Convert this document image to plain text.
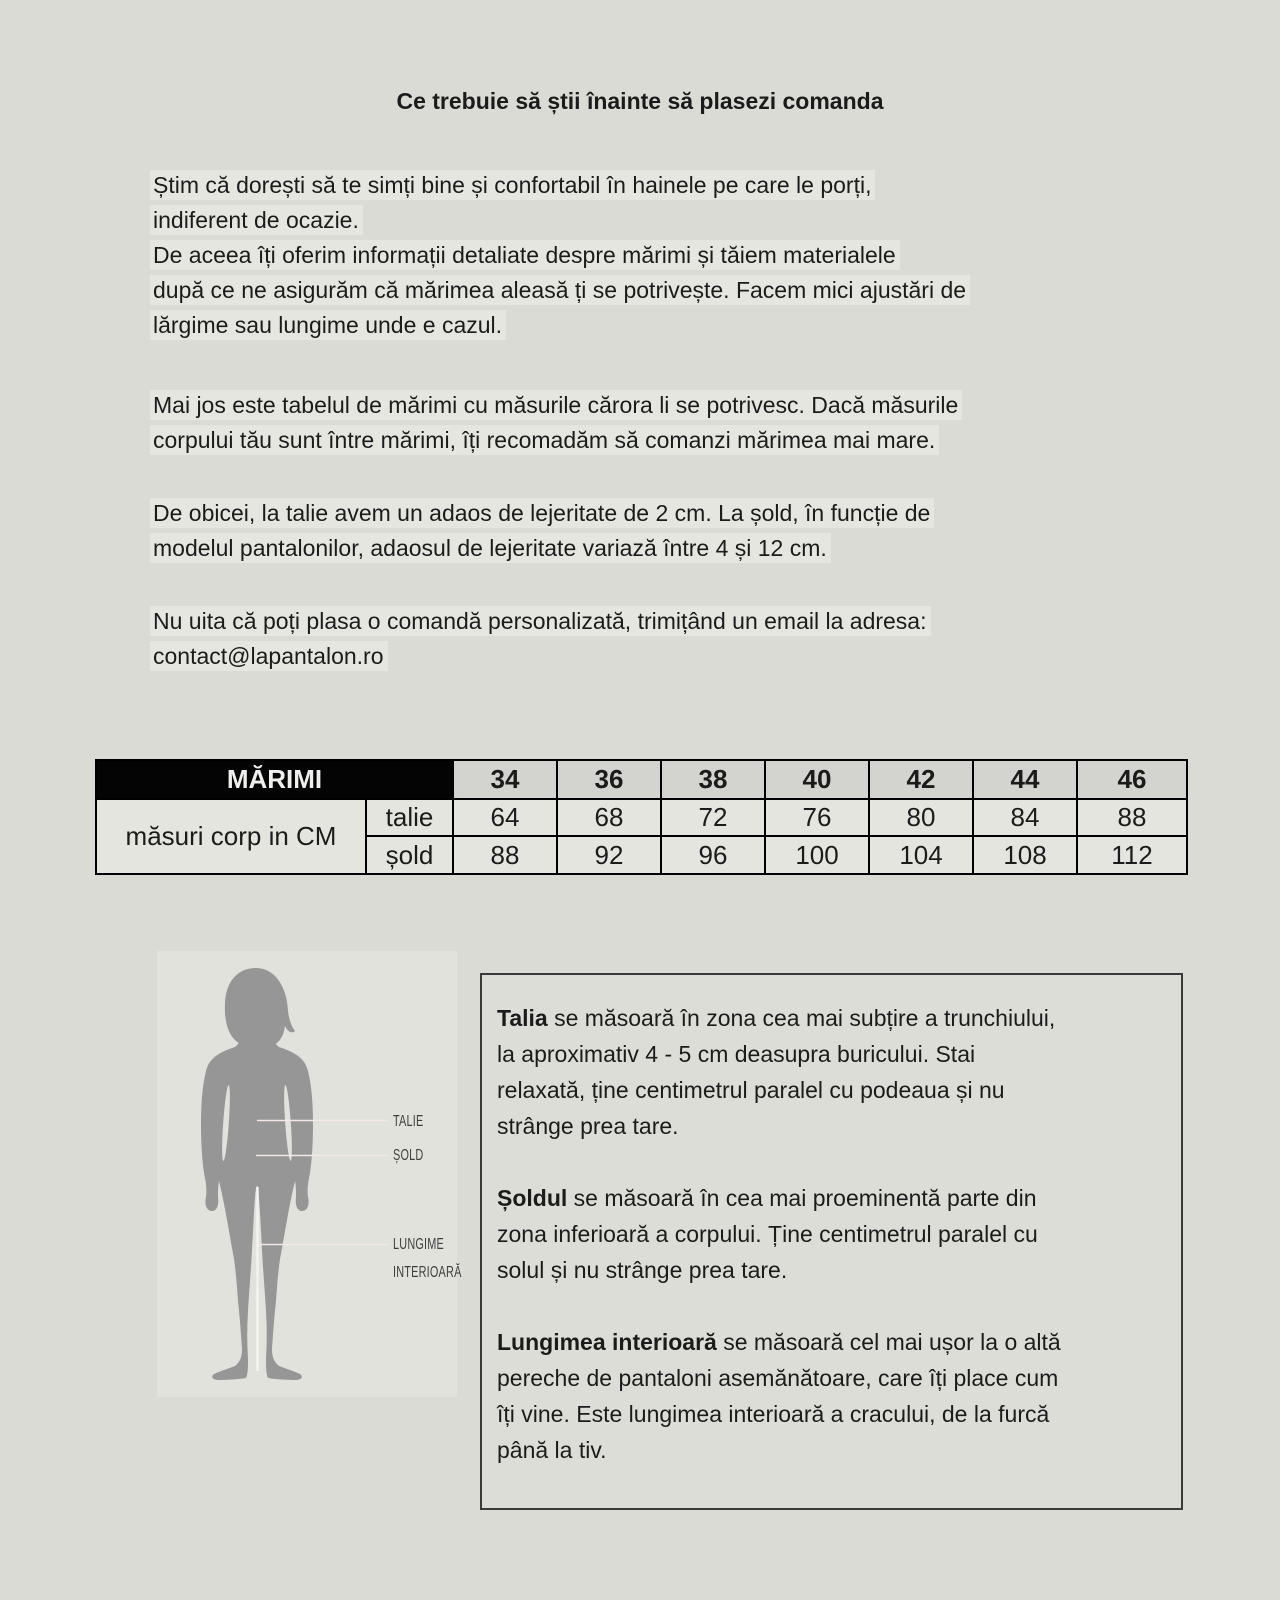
Ce trebuie să știi înainte să plasezi comanda
Știm că dorești să te simți bine și confortabil în hainele pe care le porți,
indiferent de ocazie.
De aceea îți oferim informații detaliate despre mărimi și tăiem materialele
după ce ne asigurăm că mărimea aleasă ți se potrivește. Facem mici ajustări de
lărgime sau lungime unde e cazul.
Mai jos este tabelul de mărimi cu măsurile cărora li se potrivesc. Dacă măsurile
corpului tău sunt între mărimi, îți recomadăm să comanzi mărimea mai mare.
De obicei, la talie avem un adaos de lejeritate de 2 cm. La șold, în funcție de
modelul pantalonilor, adaosul de lejeritate variază între 4 și 12 cm.
Nu uita că poți plasa o comandă personalizată, trimițând un email la adresa:
contact@lapantalon.ro
MĂRIMI		34	36	38	40	42	44	46
măsuri corp in CM	talie	64	68	72	76	80	84	88
	șold	88	92	96	100	104	108	112
TALIE
ȘOLD
LUNGIME
INTERIOARĂ
Talia se măsoară în zona cea mai subțire a trunchiului,
la aproximativ 4 - 5 cm deasupra buricului. Stai
relaxată, ține centimetrul paralel cu podeaua și nu
strânge prea tare.
Șoldul se măsoară în cea mai proeminentă parte din
zona inferioară a corpului. Ține centimetrul paralel cu
solul și nu strânge prea tare.
Lungimea interioară se măsoară cel mai ușor la o altă
pereche de pantaloni asemănătoare, care îți place cum
îți vine. Este lungimea interioară a cracului, de la furcă
până la tiv.
